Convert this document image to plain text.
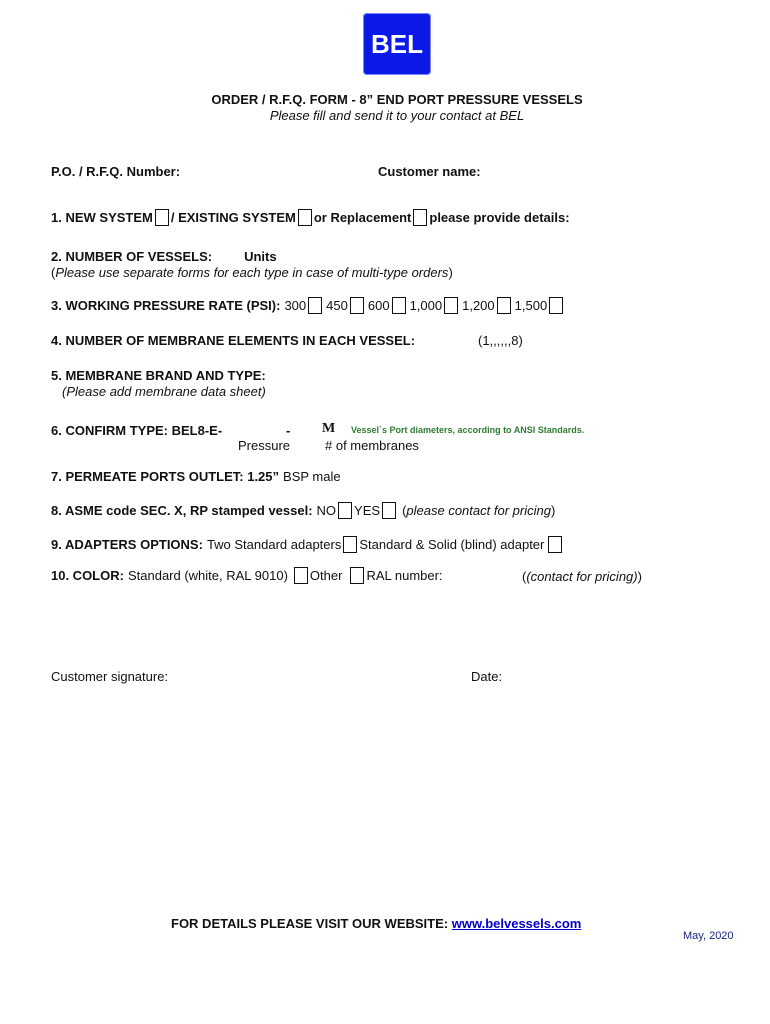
BEL
ORDER / R.F.Q. FORM - 8” END PORT PRESSURE VESSELS
Please fill and send it to your contact at BEL
P.O. / R.F.Q. Number:	Customer name:
1. NEW SYSTEM / EXISTING SYSTEM or Replacement please provide details:
2. NUMBER OF VESSELS: Units
( Please use separate forms for each type in case of multi-type orders )
3. WORKING PRESSURE RATE (PSI): 300 450 600 1,000 1,200 1,500
4. NUMBER OF MEMBRANE ELEMENTS IN EACH VESSEL:	(1,,,,,,8)
5. MEMBRANE BRAND AND TYPE:
(Please add membrane data sheet)
6. CONFIRM TYPE: BEL8-E-	- M Vessel`s Port diameters, according to ANSI Standards.
Pressure	# of membranes
7. PERMEATE PORTS OUTLET: 1.25” BSP male
8. ASME code SEC. X, RP stamped vessel: NO YES ( please contact for pricing )
9. ADAPTERS OPTIONS: Two Standard adapters Standard & Solid (blind) adapter
10. COLOR: Standard (white, RAL 9010) Other RAL number:	((contact for pricing))
Customer signature:	Date:
FOR DETAILS PLEASE VISIT OUR WEBSITE: www.belvessels.com
May, 2020
